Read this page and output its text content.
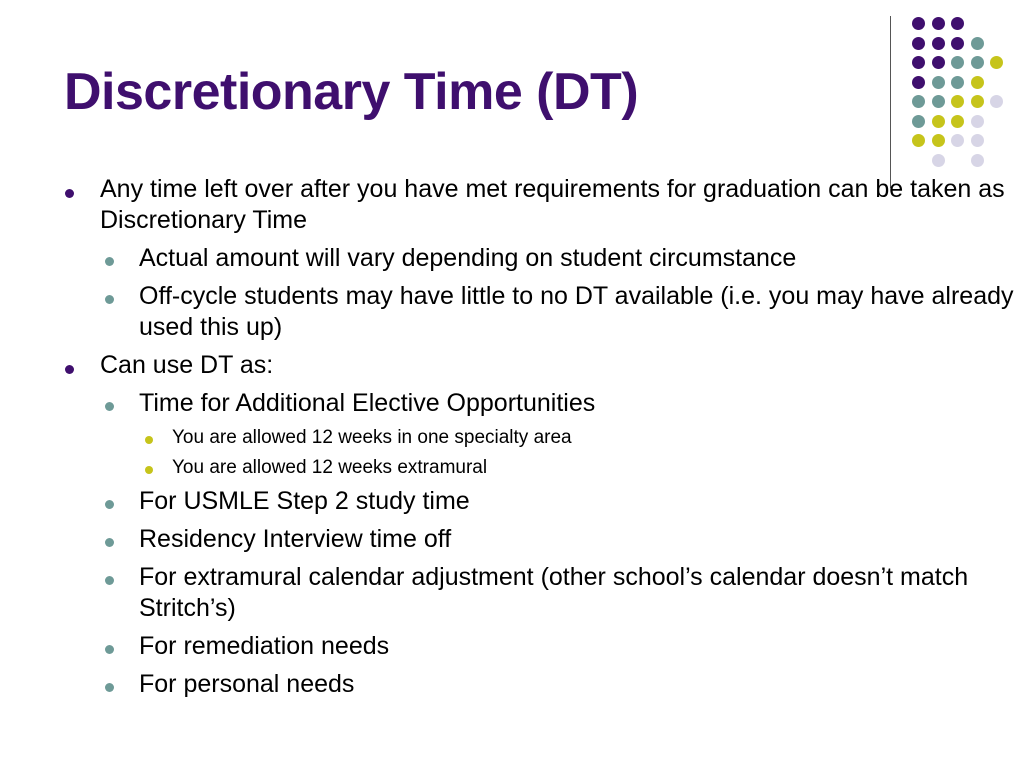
Discretionary Time (DT)
Any time left over after you have met requirements for graduation can be taken as Discretionary Time
Actual amount will vary depending on student circumstance
Off-cycle students may have little to no DT available (i.e. you may have already used this up)
Can use DT as:
Time for Additional Elective Opportunities
You are allowed 12 weeks in one specialty area
You are allowed 12 weeks extramural
For USMLE Step 2 study time
Residency Interview time off
For extramural calendar adjustment (other school’s calendar doesn’t match Stritch’s)
For remediation needs
For personal needs
